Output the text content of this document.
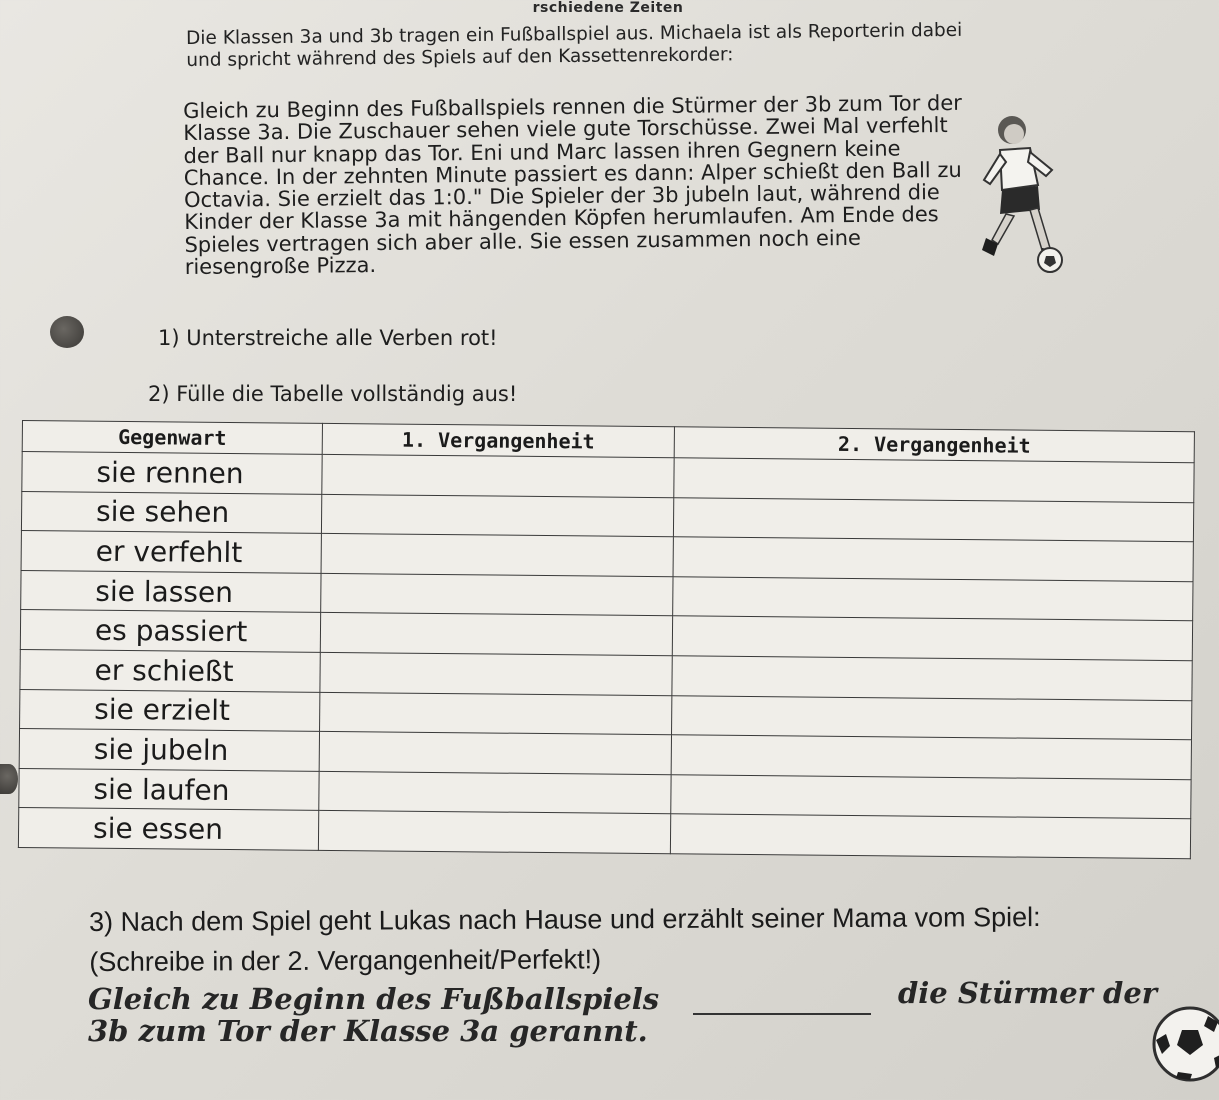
rschiedene Zeiten

Die Klassen 3a und 3b tragen ein Fußballspiel aus. Michaela ist als Reporterin dabei und spricht während des Spiels auf den Kassettenrekorder:

Gleich zu Beginn des Fußballspiels rennen die Stürmer der 3b zum Tor der Klasse 3a. Die Zuschauer sehen viele gute Torschüsse. Zwei Mal verfehlt der Ball nur knapp das Tor. Eni und Marc lassen ihren Gegnern keine Chance. In der zehnten Minute passiert es dann: Alper schießt den Ball zu Octavia. Sie erzielt das 1:0." Die Spieler der 3b jubeln laut, während die Kinder der Klasse 3a mit hängenden Köpfen herumlaufen. Am Ende des Spieles vertragen sich aber alle. Sie essen zusammen noch eine riesengroße Pizza.

1) Unterstreiche alle Verben rot!

2) Fülle die Tabelle vollständig aus!

Gegenwart	1. Vergangenheit	2. Vergangenheit
sie rennen		
sie sehen		
er verfehlt		
sie lassen		
es passiert		
er schießt		
sie erzielt		
sie jubeln		
sie laufen		
sie essen		

3) Nach dem Spiel geht Lukas nach Hause und erzählt seiner Mama vom Spiel: (Schreibe in der 2. Vergangenheit/Perfekt!)

Gleich zu Beginn des Fußballspiels	die Stürmer der
3b zum Tor der Klasse 3a gerannt.
